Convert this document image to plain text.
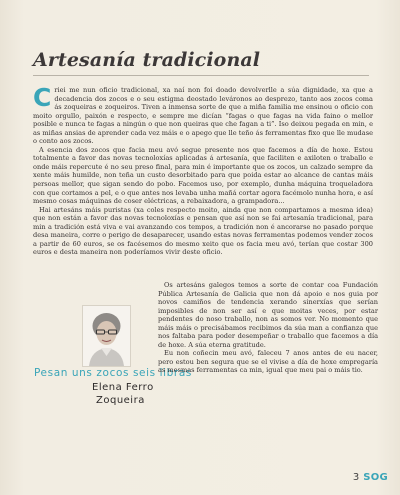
Artesanía tradicional
C riei me nun oficio tradicional, xa naí non foi doado devolverlle a súa dignidade, xa que a decadencia dos zocos e o seu estigma deostado leváronos ao desprezo, tanto aos zocos coma ás zoqueiras e zoqueiros. Tiven a inmensa sorte de que a miña familia me ensinou o oficio con moito orgullo, paixón e respecto, e sempre me dicían “fagas o que fagas na vida faino o mellor posible e nunca te fagas a ningún o que non queiras que che fagan a ti”. Iso deixou pegada en min, e as miñas ansias de aprender cada vez máis e o apego que lle teño ás ferramentas fixo que lle mudase o conto aos zocos.

A esencia dos zocos que facia meu avó segue presente nos que facemos a día de hoxe. Estou totalmente a favor das novas tecnoloxías aplicadas á artesanía, que faciliten e axiloten o traballo e onde máis repercute é no seu preso final, para min é importante que os zocos, un calzado sempre da xente máis humilde, non teña un custo desorbitado para que poida estar ao alcance de cantas máis persoas mellor, que sigan sendo do pobo. Facemos uso, por exemplo, dunha máquina troqueladora con que cortamos a pel, e o que antes nos levaba unha mañá cortar agora facémolo nunha hora, e así mesmo cosas máquinas de coser eléctricas, a rebaixadora, a grampadora...

Hai artesáns máis puristas (xa coles respecto moito, ainda que non compartamos a mesma idea) que non están a favor das novas tecnoloxías e pensan que así non se fai artesanía tradicional, para min a tradición está viva e vai avanzando cos tempos, a tradición non é ancorarse no pasado porque desa maneira, corre o perigo de desaparecer, usando estas novas ferramentas podemos vender zocos a partir de 60 euros, se os facésemos do mesmo xeito que os facia meu avó, terían que costar 300 euros e desta maneira non poderíamos vivir deste oficio.

Pesan uns zocos seis libras
Elena Ferro
Zoqueira

Os artesáns galegos temos a sorte de contar coa Fundación Pública Artesanía de Galicia que non dá apoio e nos guia por novos camiños de tendencia xerando sinerxías que serían imposibles de non ser así e que moitas veces, por estar pendentes do noso traballo, non as somos ver. No momento que máis máis o precisábamos recibimos da súa man a confianza que nos faltaba para poder desempeñar o traballo que facemos a día de hoxe. A súa eterna gratitude.

Eu non coñecin meu avó, faleceu 7 anos antes de eu nacer, pero estou ben segura que se el vivise a día de hoxe empregaría as mesmas ferramentas ca min, igual que meu pai o máis tio.

3 SOG
